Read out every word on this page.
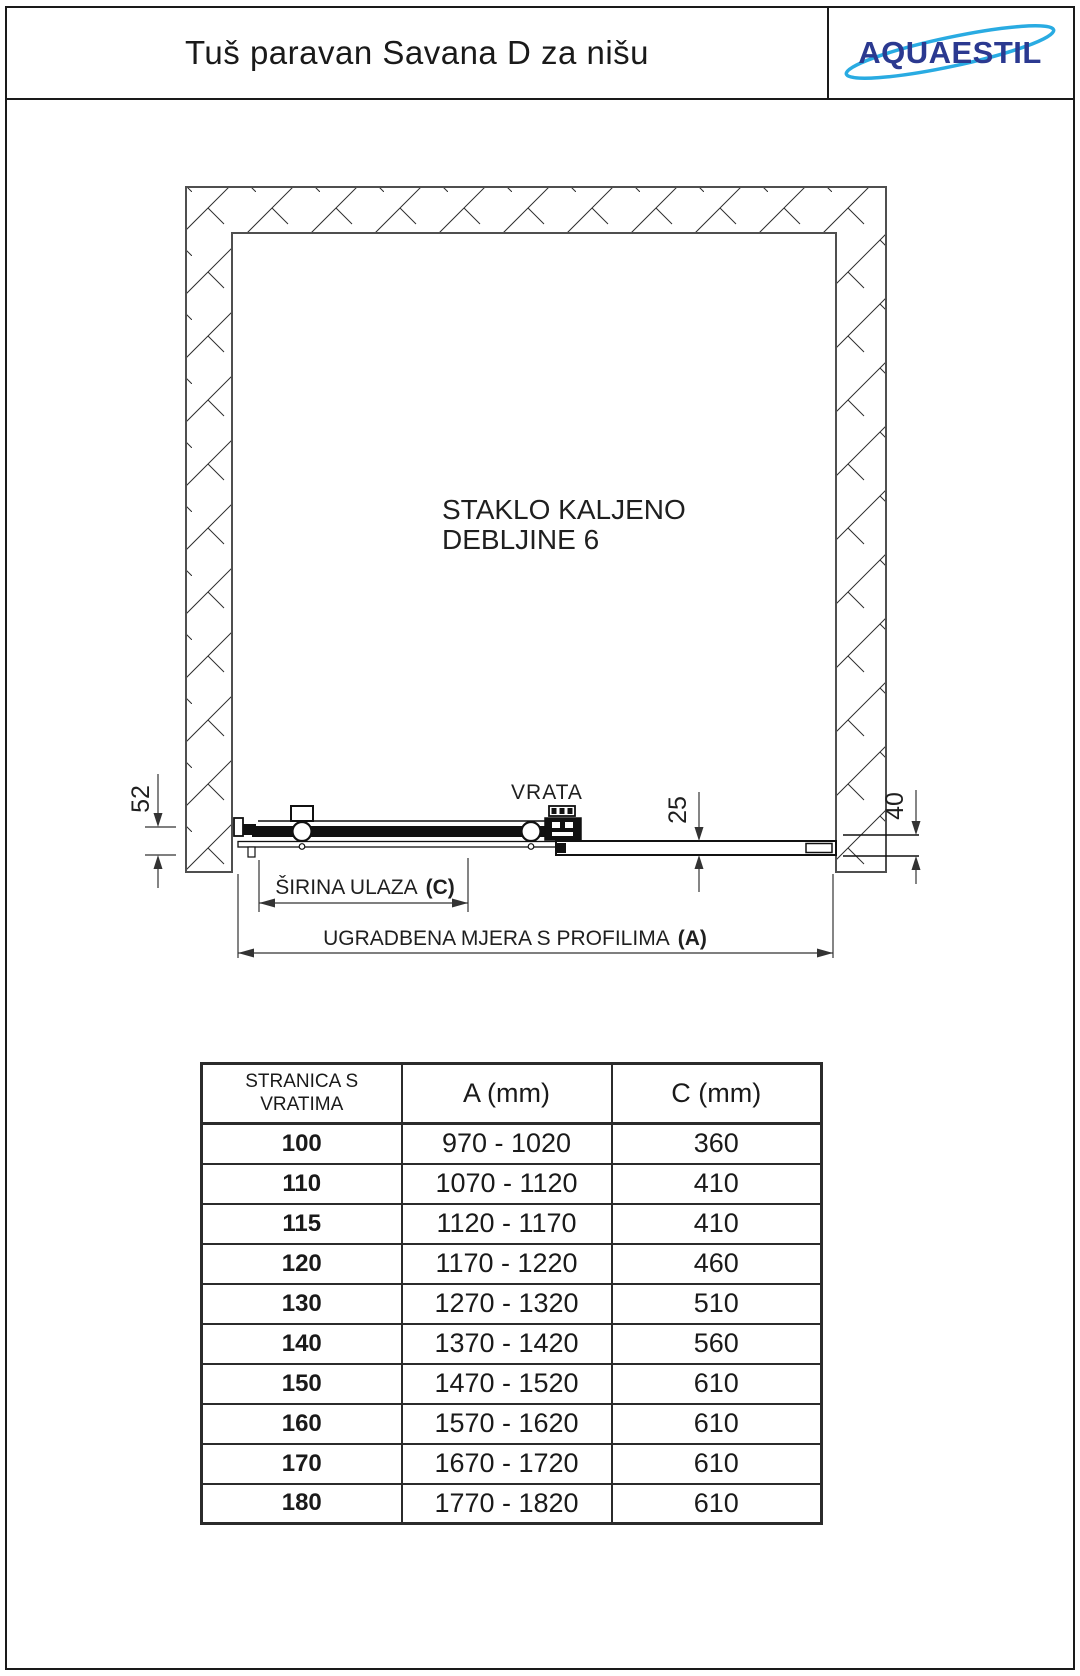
Tuš paravan Savana D za nišu	AQUAESTIL
STAKLO KALJENO
DEBLJINE 6
VRATA
52	25	40
ŠIRINA ULAZA (C)
UGRADBENA MJERA S PROFILIMA (A)
STRANICA S
VRATIMA	A (mm)	C (mm)
100	970 - 1020	360
110	1070 - 1120	410
115	1120 - 1170	410
120	1170 - 1220	460
130	1270 - 1320	510
140	1370 - 1420	560
150	1470 - 1520	610
160	1570 - 1620	610
170	1670 - 1720	610
180	1770 - 1820	610
